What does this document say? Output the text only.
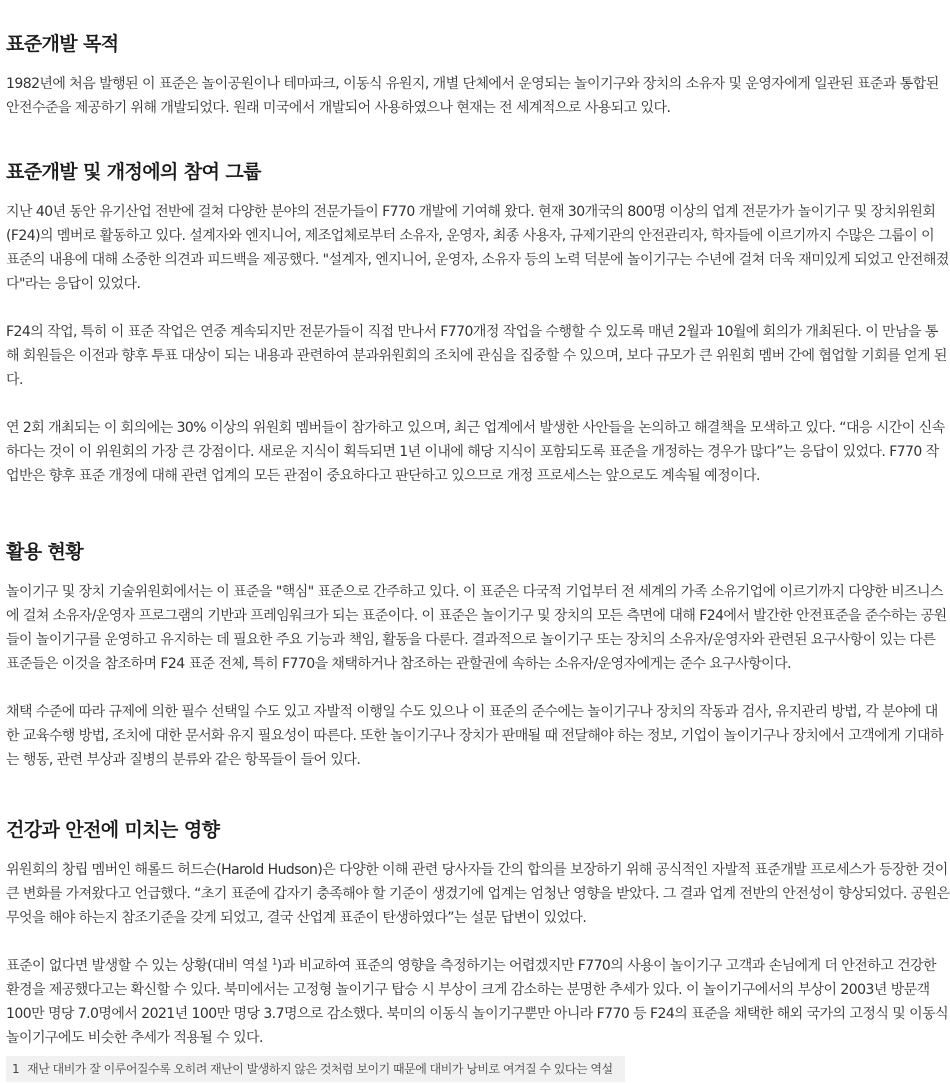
표준개발 목적

1982년에 처음 발행된 이 표준은 놀이공원이나 테마파크, 이동식 유원지, 개별 단체에서 운영되는 놀이기구와 장치의 소유자 및 운영자에게 일관된 표준과 통합된 안전수준을 제공하기 위해 개발되었다. 원래 미국에서 개발되어 사용하였으나 현재는 전 세계적으로 사용되고 있다.

표준개발 및 개정에의 참여 그룹

지난 40년 동안 유기산업 전반에 걸쳐 다양한 분야의 전문가들이 F770 개발에 기여해 왔다. 현재 30개국의 800명 이상의 업계 전문가가 놀이기구 및 장치위원회(F24)의 멤버로 활동하고 있다. 설계자와 엔지니어, 제조업체로부터 소유자, 운영자, 최종 사용자, 규제기관의 안전관리자, 학자들에 이르기까지 수많은 그룹이 이 표준의 내용에 대해 소중한 의견과 피드백을 제공했다. "설계자, 엔지니어, 운영자, 소유자 등의 노력 덕분에 놀이기구는 수년에 걸쳐 더욱 재미있게 되었고 안전해졌다"라는 응답이 있었다.

F24의 작업, 특히 이 표준 작업은 연중 계속되지만 전문가들이 직접 만나서 F770개정 작업을 수행할 수 있도록 매년 2월과 10월에 회의가 개최된다. 이 만남을 통해 회원들은 이전과 향후 투표 대상이 되는 내용과 관련하여 분과위원회의 조치에 관심을 집중할 수 있으며, 보다 규모가 큰 위원회 멤버 간에 협업할 기회를 얻게 된다.

연 2회 개최되는 이 회의에는 30% 이상의 위원회 멤버들이 참가하고 있으며, 최근 업계에서 발생한 사안들을 논의하고 해결책을 모색하고 있다. “대응 시간이 신속하다는 것이 이 위원회의 가장 큰 강점이다. 새로운 지식이 획득되면 1년 이내에 해당 지식이 포함되도록 표준을 개정하는 경우가 많다”는 응답이 있었다. F770 작업반은 향후 표준 개정에 대해 관련 업계의 모든 관점이 중요하다고 판단하고 있으므로 개정 프로세스는 앞으로도 계속될 예정이다.

활용 현황

놀이기구 및 장치 기술위원회에서는 이 표준을 "핵심" 표준으로 간주하고 있다. 이 표준은 다국적 기업부터 전 세계의 가족 소유기업에 이르기까지 다양한 비즈니스에 걸쳐 소유자/운영자 프로그램의 기반과 프레임워크가 되는 표준이다. 이 표준은 놀이기구 및 장치의 모든 측면에 대해 F24에서 발간한 안전표준을 준수하는 공원들이 놀이기구를 운영하고 유지하는 데 필요한 주요 기능과 책임, 활동을 다룬다. 결과적으로 놀이기구 또는 장치의 소유자/운영자와 관련된 요구사항이 있는 다른 표준들은 이것을 참조하며 F24 표준 전체, 특히 F770을 채택하거나 참조하는 관할권에 속하는 소유자/운영자에게는 준수 요구사항이다.

채택 수준에 따라 규제에 의한 필수 선택일 수도 있고 자발적 이행일 수도 있으나 이 표준의 준수에는 놀이기구나 장치의 작동과 검사, 유지관리 방법, 각 분야에 대한 교육수행 방법, 조치에 대한 문서화 유지 필요성이 따른다. 또한 놀이기구나 장치가 판매될 때 전달해야 하는 정보, 기업이 놀이기구나 장치에서 고객에게 기대하는 행동, 관련 부상과 질병의 분류와 같은 항목들이 들어 있다.

건강과 안전에 미치는 영향

위원회의 창립 멤버인 해롤드 허드슨(Harold Hudson)은 다양한 이해 관련 당사자들 간의 합의를 보장하기 위해 공식적인 자발적 표준개발 프로세스가 등장한 것이 큰 변화를 가져왔다고 언급했다. “초기 표준에 갑자기 충족해야 할 기준이 생겼기에 업계는 엄청난 영향을 받았다. 그 결과 업계 전반의 안전성이 향상되었다. 공원은 무엇을 해야 하는지 참조기준을 갖게 되었고, 결국 산업계 표준이 탄생하였다”는 설문 답변이 있었다.

표준이 없다면 발생할 수 있는 상황(대비 역설 $^1$)과 비교하여 표준의 영향을 측정하기는 어렵겠지만 F770의 사용이 놀이기구 고객과 손님에게 더 안전하고 건강한 환경을 제공했다고는 확신할 수 있다. 북미에서는 고정형 놀이기구 탑승 시 부상이 크게 감소하는 분명한 추세가 있다. 이 놀이기구에서의 부상이 2003년 방문객 100만 명당 7.0명에서 2021년 100만 명당 3.7명으로 감소했다. 북미의 이동식 놀이기구뿐만 아니라 F770 등 F24의 표준을 채택한 해외 국가의 고정식 및 이동식 놀이기구에도 비슷한 추세가 적용될 수 있다.

1 재난 대비가 잘 이루어질수록 오히려 재난이 발생하지 않은 것처럼 보이기 때문에 대비가 낭비로 여겨질 수 있다는 역설
